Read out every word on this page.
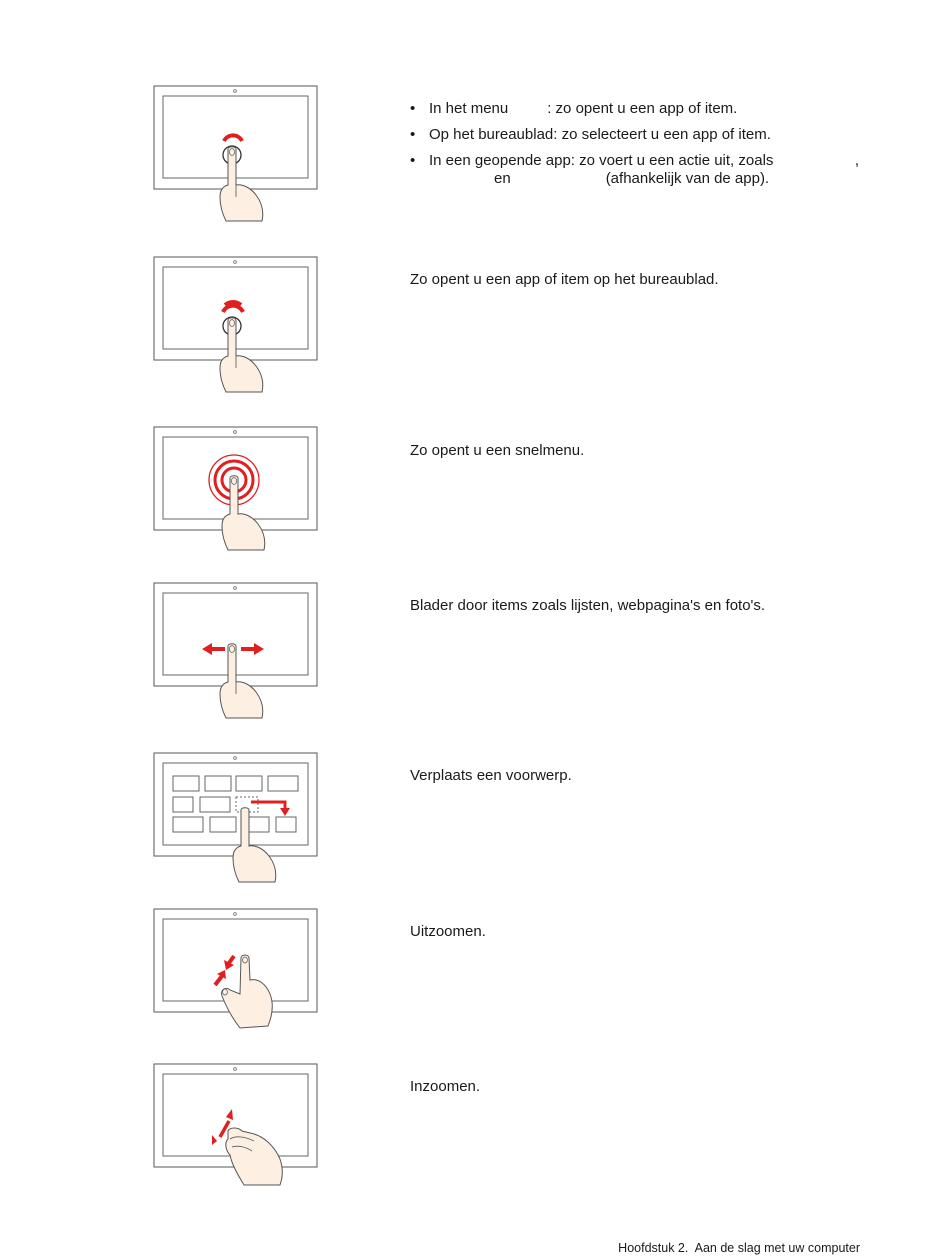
• In het menu	: zo opent u een app of item.
• Op het bureaublad: zo selecteert u een app of item.
• In een geopende app: zo voert u een actie uit, zoals	,
en	(afhankelijk van de app).

Zo opent u een app of item op het bureaublad.

Zo opent u een snelmenu.

Blader door items zoals lijsten, webpagina's en foto's.

Verplaats een voorwerp.

Uitzoomen.

Inzoomen.

Hoofdstuk 2. Aan de slag met uw computer
